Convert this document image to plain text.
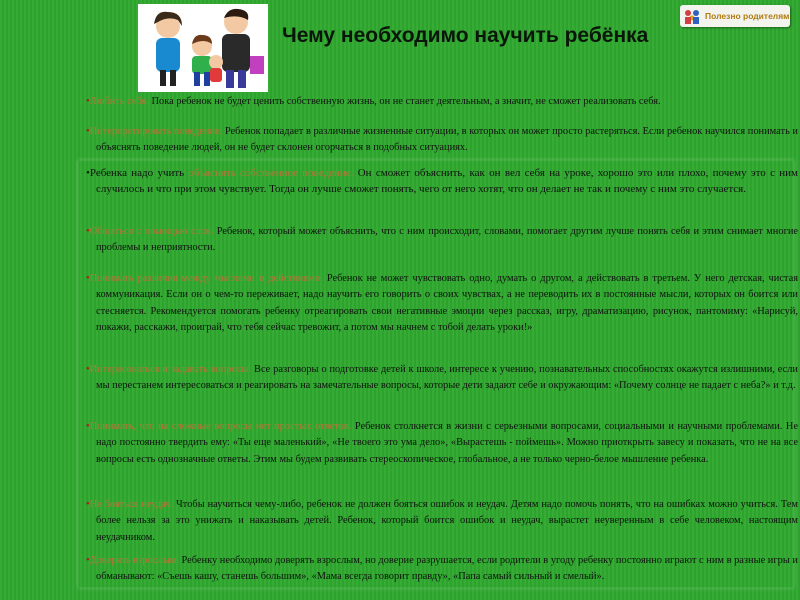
Чему необходимо научить ребёнка
Полезно родителям
•Любить себя. Пока ребенок не будет ценить собственную жизнь, он не станет деятельным, а значит, не сможет реализовать себя.
•Интерпретировать поведение. Ребенок попадает в различные жизненные ситуации, в которых он может просто растеряться. Если ребенок научился понимать и объяснять поведение людей, он не будет склонен огорчаться в подобных ситуациях.
•Ребенка надо учить объяснять собственное поведение. Он сможет объяснить, как он вел себя на уроке, хорошо это или плохо, почему это с ним случилось и что при этом чувствует. Тогда он лучше сможет понять, чего от него хотят, что он делает не так и почему с ним это случается.
•Общаться с помощью слов. Ребенок, который может объяснить, что с ним происходит, словами, помогает другим лучше понять себя и этим снимает многие проблемы и неприятности.
•Понимать различия между мыслями и действиями. Ребенок не может чувствовать одно, думать о другом, а действовать в третьем. У него детская, чистая коммуникация. Если он о чем-то переживает, надо научить его говорить о своих чувствах, а не переводить их в постоянные мысли, которых он боится или стесняется. Рекомендуется помогать ребенку отреагировать свои негативные эмоции через рассказ, игру, драматизацию, рисунок, пантомиму: «Нарисуй, покажи, расскажи, проиграй, что тебя сейчас тревожит, а потом мы начнем с тобой делать уроки!»
•Интересоваться и задавать вопросы. Все разговоры о подготовке детей к школе, интересе к учению, познавательных способностях окажутся излишними, если мы перестанем интересоваться и реагировать на замечательные вопросы, которые дети задают себе и окружающим: «Почему солнце не падает с неба?» и т.д.
•Понимать, что на сложные вопросы нет простых ответов. Ребенок столкнется в жизни с серьезными вопросами, социальными и научными проблемами. Не надо постоянно твердить ему: «Ты еще маленький», «Не твоего это ума дело», «Вырастешь - поймешь». Можно приоткрыть завесу и показать, что не на все вопросы есть однозначные ответы. Этим мы будем развивать стереоскопическое, глобальное, а не только черно-белое мышление ребенка.
•Не бояться неудач. Чтобы научиться чему-либо, ребенок не должен бояться ошибок и неудач. Детям надо помочь понять, что на ошибках можно учиться. Тем более нельзя за это унижать и наказывать детей. Ребенок, который боится ошибок и неудач, вырастет неуверенным в себе человеком, настоящим неудачником.
•Доверять взрослым. Ребенку необходимо доверять взрослым, но доверие разрушается, если родители в угоду ребенку постоянно играют с ним в разные игры и обманывают: «Съешь кашу, станешь большим», «Мама всегда говорит правду», «Папа самый сильный и смелый».
